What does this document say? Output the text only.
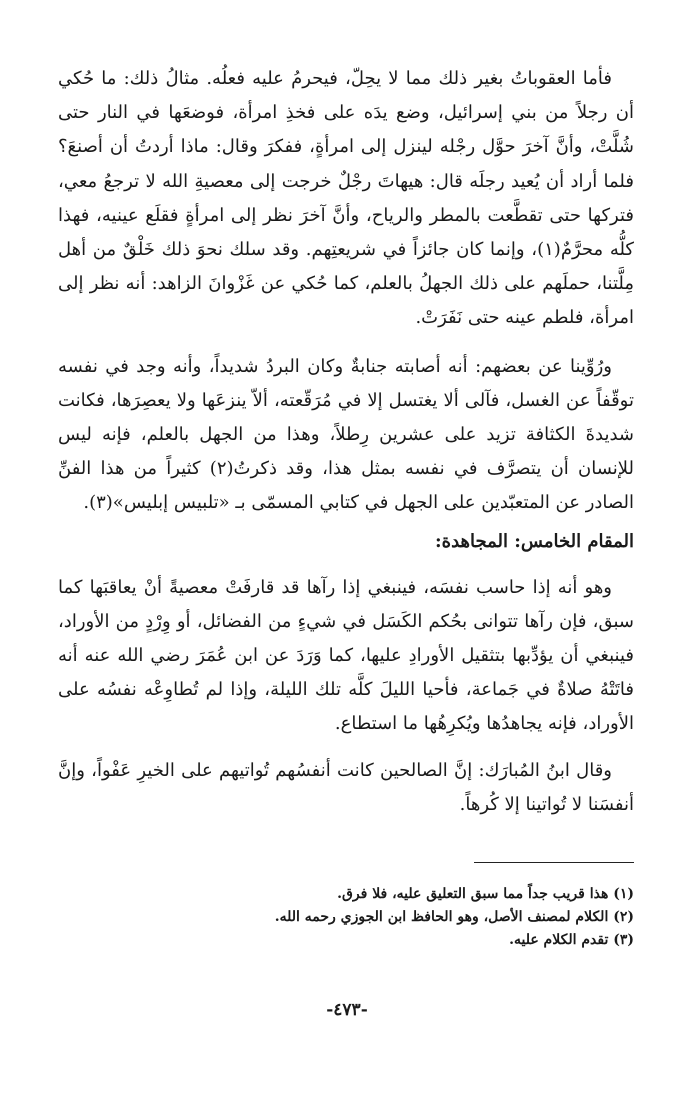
فأما العقوباتُ بغير ذلك مما لا يحِلّ، فيحرمُ عليه فعلُه. مثالُ ذلك: ما حُكي أن رجلاً من بني إسرائيل، وضع يدَه على فخذِ امرأة، فوضعَها في النار حتى شُلَّتْ، وأنَّ آخرَ حوَّل رجْله لينزل إلى امرأةٍ، ففكرَ وقال: ماذا أردتُ أن أصنعَ؟ فلما أراد أن يُعيد رجلَه قال: هيهاتَ رجْلٌ خرجت إلى معصيةِ الله لا ترجعُ معي، فتركها حتى تقطَّعت بالمطر والرياح، وأنَّ آخرَ نظر إلى امرأةٍ فقلَع عينيه، فهذا كلُّه محرَّمٌ(١)، وإنما كان جائزاً في شريعتِهم. وقد سلك نحوَ ذلك خَلْقٌ من أهل مِلَّتنا، حملَهم على ذلك الجهلُ بالعلم، كما حُكي عن غَزْوانَ الزاهد: أنه نظر إلى امرأة، فلطم عينه حتى نَفَرَتْ.

ورُوِّينا عن بعضهم: أنه أصابته جنابةٌ وكان البردُ شديداً، وأنه وجد في نفسه توقّفاً عن الغسل، فآلى ألا يغتسل إلا في مُرَقّعته، ألاّ ينزعَها ولا يعصِرَها، فكانت شديدةَ الكثافة تزيد على عشرين رِطلاً، وهذا من الجهل بالعلم، فإنه ليس للإنسان أن يتصرَّف في نفسه بمثل هذا، وقد ذكرتُ(٢) كثيراً من هذا الفنِّ الصادر عن المتعبّدين على الجهل في كتابي المسمّى بـ «تلبيس إبليس»(٣).

المقام الخامس: المجاهدة:

وهو أنه إذا حاسب نفسَه، فينبغي إذا رآها قد قارفَتْ معصيةً أنْ يعاقبَها كما سبق، فإن رآها تتوانى بحُكم الكَسَل في شيءٍ من الفضائل، أو وِرْدٍ من الأوراد، فينبغي أن يؤدِّبها بتثقيل الأورادِ عليها، كما وَرَدَ عن ابن عُمَرَ رضي الله عنه أنه فاتَتْهُ صلاةٌ في جَماعة، فأحيا الليلَ كلَّه تلك الليلة، وإذا لم تُطاوِعْه نفسُه على الأوراد، فإنه يجاهدُها ويُكرِهُها ما استطاع.

وقال ابنُ المُبارَك: إنَّ الصالحين كانت أنفسُهم تُواتيهم على الخيرِ عَفْواً، وإنَّ أنفسَنا لا تُواتينا إلا كُرهاً.

(١) هذا قريب جداً مما سبق التعليق عليه، فلا فرق.

(٢) الكلام لمصنف الأصل، وهو الحافظ ابن الجوزي رحمه الله.

(٣) تقدم الكلام عليه.

-٤٧٣-
